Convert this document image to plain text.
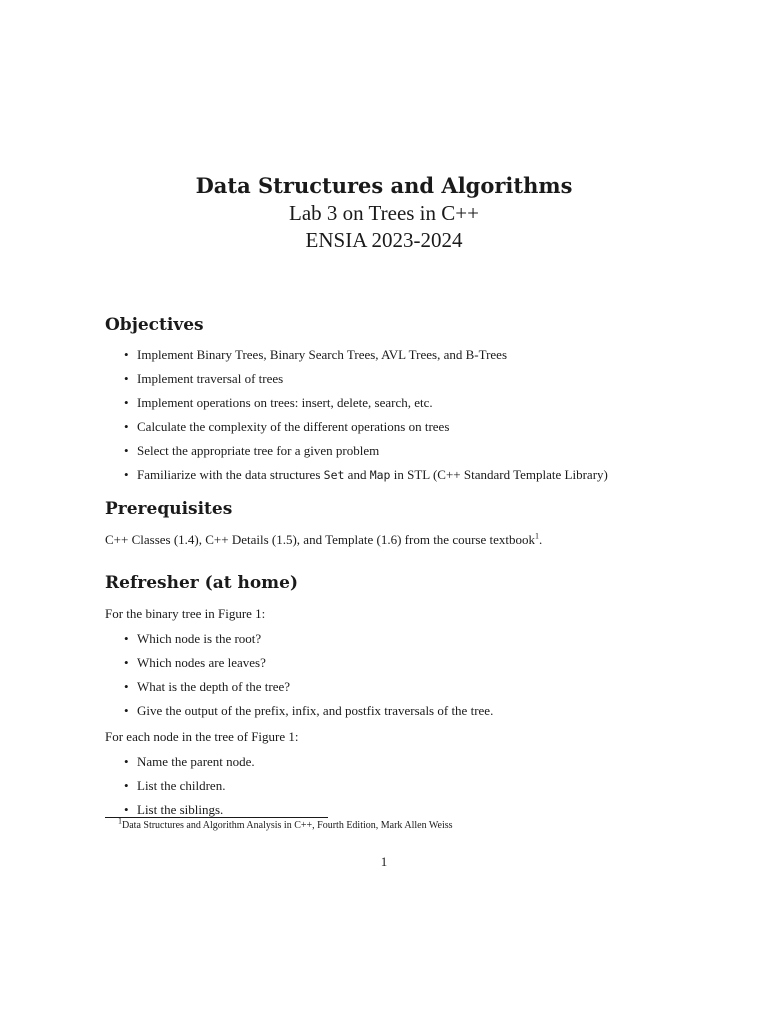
Data Structures and Algorithms
Lab 3 on Trees in C++
ENSIA 2023-2024
Objectives
• Implement Binary Trees, Binary Search Trees, AVL Trees, and B-Trees
• Implement traversal of trees
• Implement operations on trees: insert, delete, search, etc.
• Calculate the complexity of the different operations on trees
• Select the appropriate tree for a given problem
• Familiarize with the data structures Set and Map in STL (C++ Standard Template Library)
Prerequisites

C++ Classes (1.4), C++ Details (1.5), and Template (1.6) from the course textbook$^1$.

Refresher (at home)

For the binary tree in Figure 1:

• Which node is the root?
• Which nodes are leaves?
• What is the depth of the tree?
• Give the output of the prefix, infix, and postfix traversals of the tree.

For each node in the tree of Figure 1:

• Name the parent node.
• List the children.
• List the siblings.
$^1$Data Structures and Algorithm Analysis in C++, Fourth Edition, Mark Allen Weiss
1
